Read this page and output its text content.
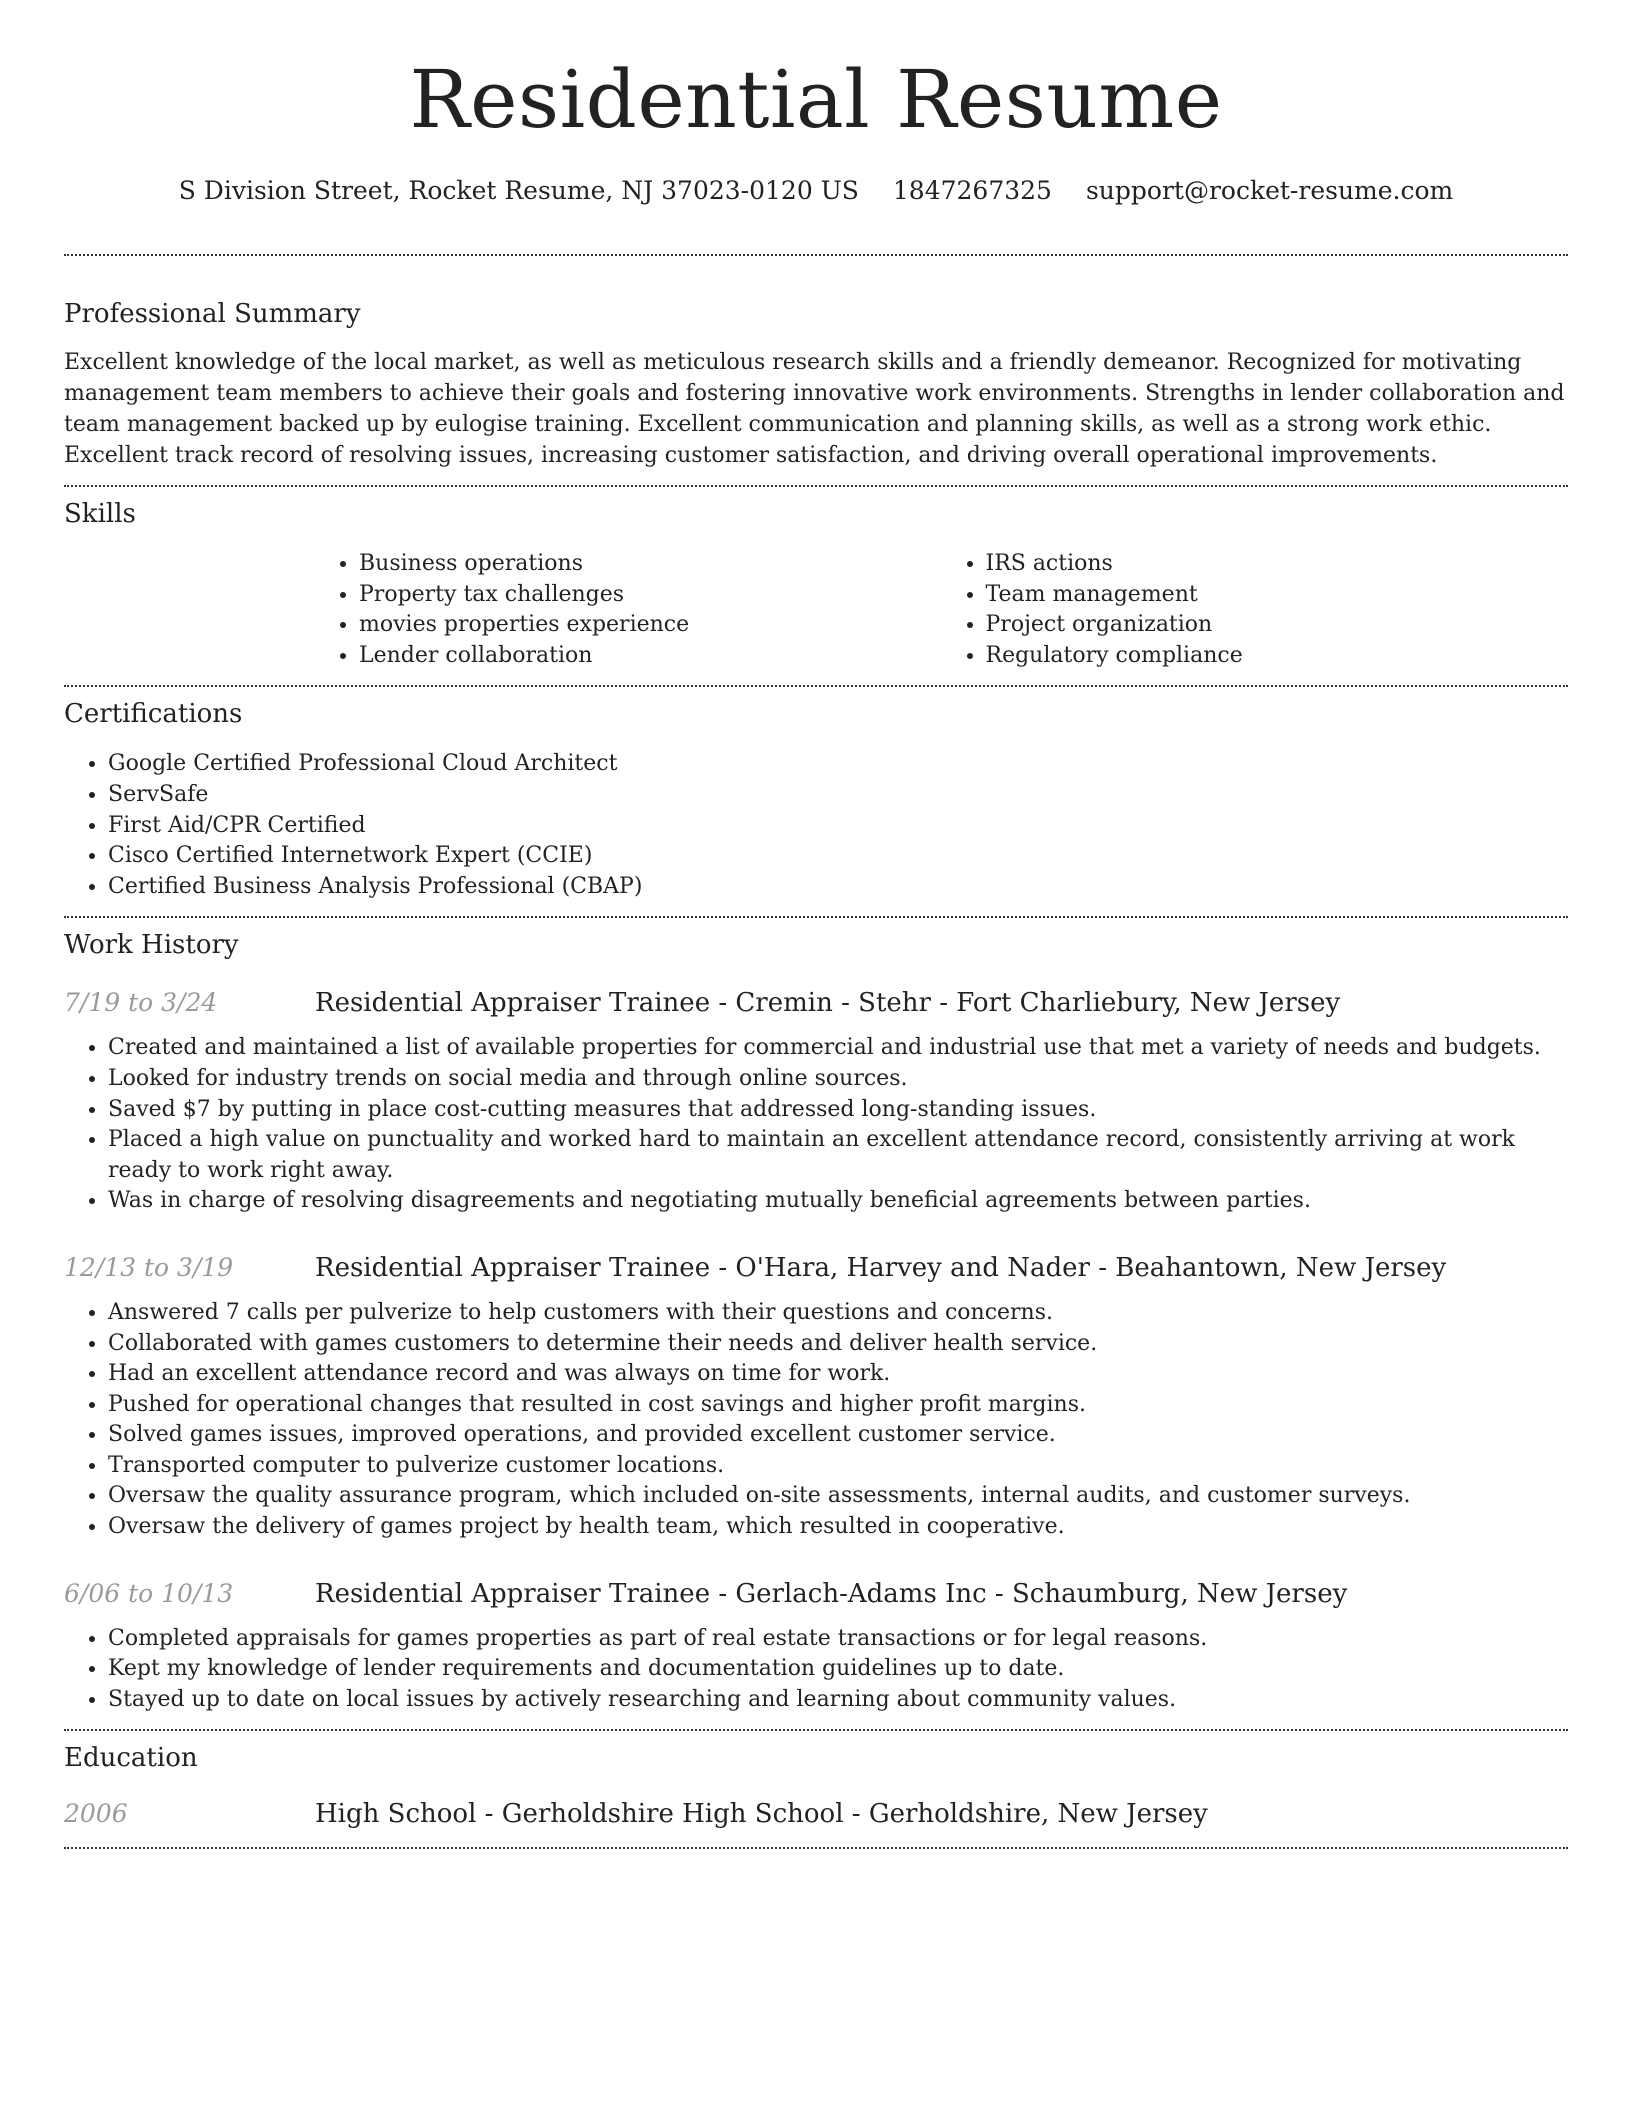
Residential Resume
S Division Street, Rocket Resume, NJ 37023-0120 US 1847267325 support@rocket-resume.com
Professional Summary

Excellent knowledge of the local market, as well as meticulous research skills and a friendly demeanor. Recognized for motivating management team members to achieve their goals and fostering innovative work environments. Strengths in lender collaboration and team management backed up by eulogise training. Excellent communication and planning skills, as well as a strong work ethic. Excellent track record of resolving issues, increasing customer satisfaction, and driving overall operational improvements.

Skills
• Business operations
• Property tax challenges
• movies properties experience
• Lender collaboration
• IRS actions
• Team management
• Project organization
• Regulatory compliance
Certifications
• Google Certified Professional Cloud Architect
• ServSafe
• First Aid/CPR Certified
• Cisco Certified Internetwork Expert (CCIE)
• Certified Business Analysis Professional (CBAP)
Work History
7/19 to 3/24	Residential Appraiser Trainee - Cremin - Stehr - Fort Charliebury, New Jersey
• Created and maintained a list of available properties for commercial and industrial use that met a variety of needs and budgets.
• Looked for industry trends on social media and through online sources.
• Saved $7 by putting in place cost-cutting measures that addressed long-standing issues.
• Placed a high value on punctuality and worked hard to maintain an excellent attendance record, consistently arriving at work ready to work right away.
• Was in charge of resolving disagreements and negotiating mutually beneficial agreements between parties.
12/13 to 3/19	Residential Appraiser Trainee - O'Hara, Harvey and Nader - Beahantown, New Jersey
• Answered 7 calls per pulverize to help customers with their questions and concerns.
• Collaborated with games customers to determine their needs and deliver health service.
• Had an excellent attendance record and was always on time for work.
• Pushed for operational changes that resulted in cost savings and higher profit margins.
• Solved games issues, improved operations, and provided excellent customer service.
• Transported computer to pulverize customer locations.
• Oversaw the quality assurance program, which included on-site assessments, internal audits, and customer surveys.
• Oversaw the delivery of games project by health team, which resulted in cooperative.
6/06 to 10/13	Residential Appraiser Trainee - Gerlach-Adams Inc - Schaumburg, New Jersey
• Completed appraisals for games properties as part of real estate transactions or for legal reasons.
• Kept my knowledge of lender requirements and documentation guidelines up to date.
• Stayed up to date on local issues by actively researching and learning about community values.
Education
2006	High School - Gerholdshire High School - Gerholdshire, New Jersey
